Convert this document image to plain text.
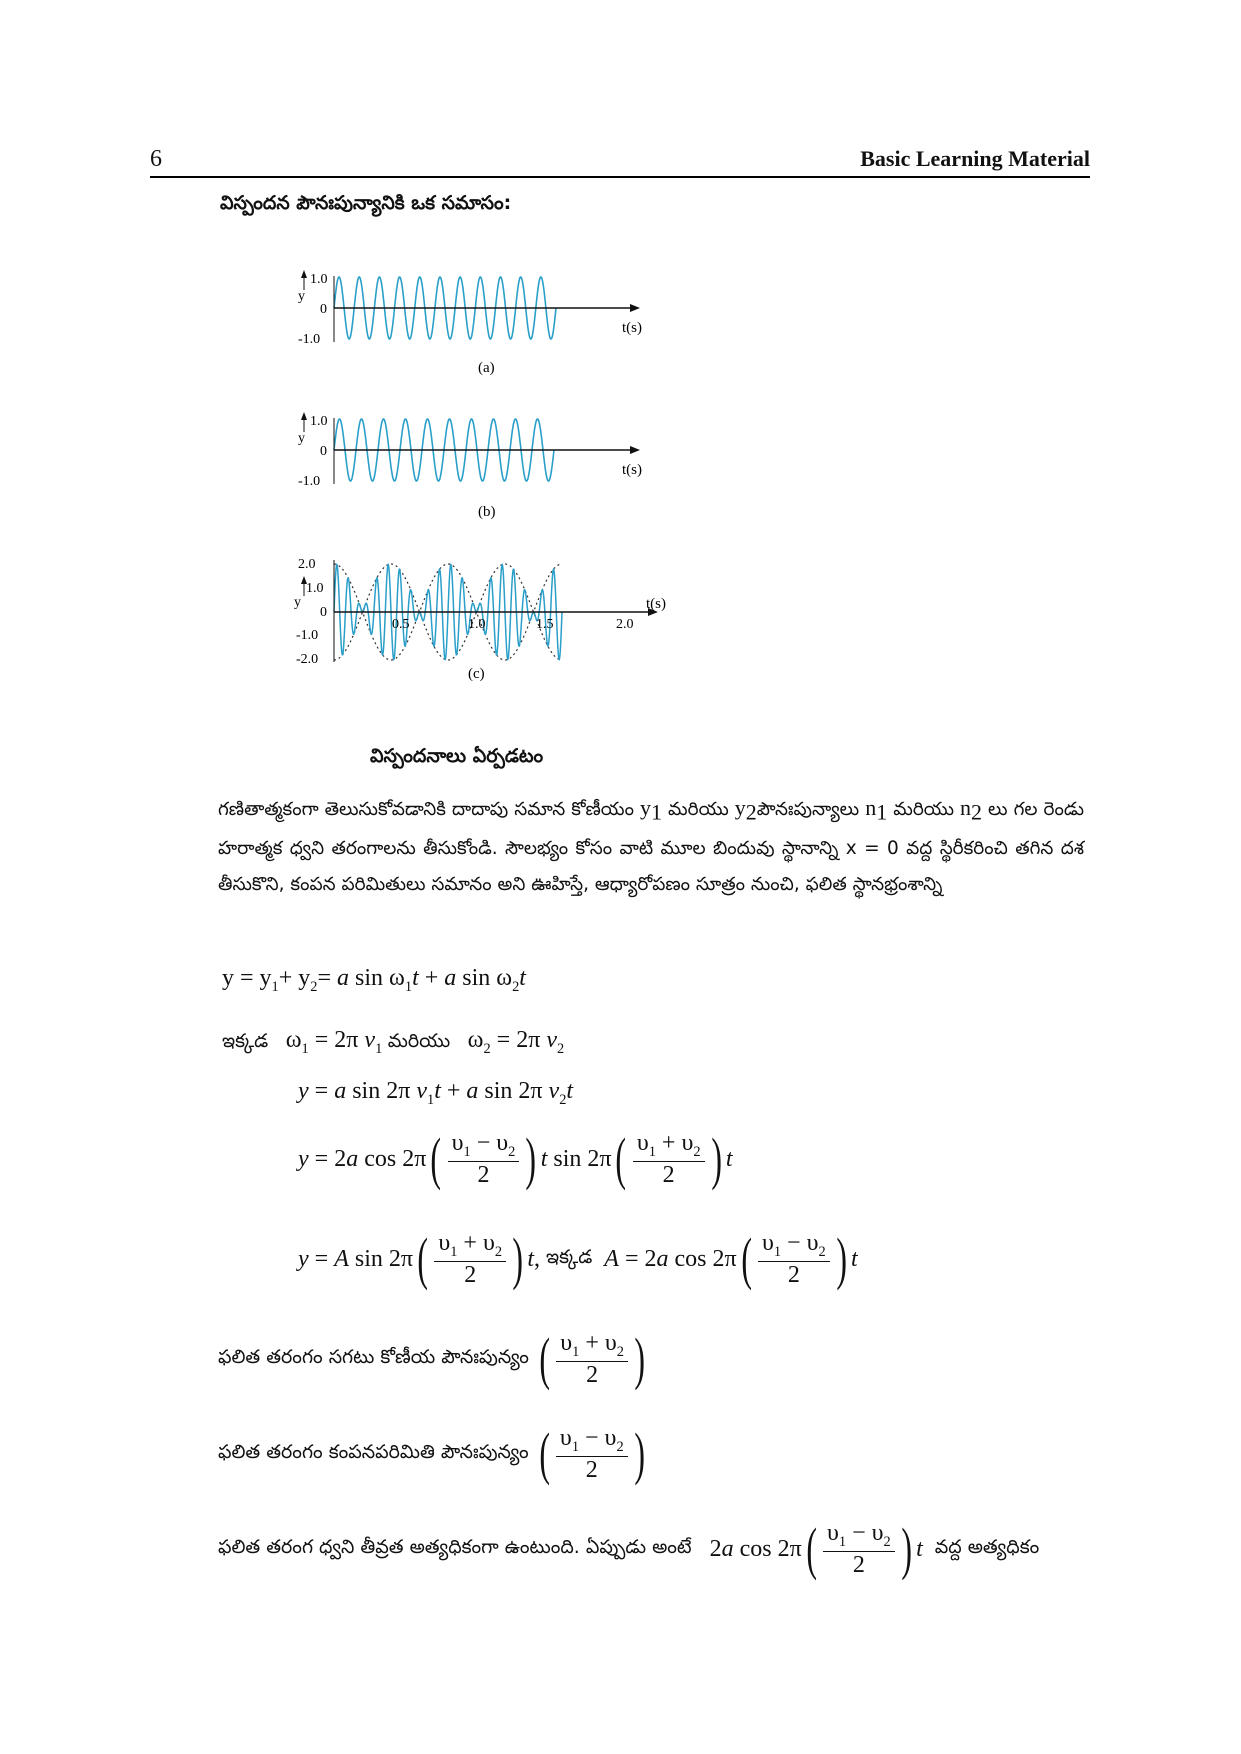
6	Basic Learning Material
విస్పందన పౌనఃపున్యానికి ఒక సమాసం:
1.0
0
y
-1.0
t(s)
(a)
1.0
0
y
-1.0
t(s)
(b)
2.0
1.0
0
y
-1.0
-2.0
0.5	1.0	1.5	2.0
t(s)
(c)
విస్పందనాలు ఏర్పడటం
గణితాత్మకంగా తెలుసుకోవడానికి దాదాపు సమాన కోణీయం $y_1$ మరియు $y_2పౌనఃపున్యాలు$ $n_1$ మరియు $n_2$ లు గల రెండు హరాత్మక ధ్వని తరంగాలను తీసుకోండి. సౌలభ్యం కోసం వాటి మూల బిందువు స్థానాన్ని x = 0 వద్ద స్థిరీకరించి తగిన దశ తీసుకొని, కంపన పరిమితులు సమానం అని ఊహిస్తే, ఆధ్యారోపణం సూత్రం నుంచి, ఫలిత స్థానభ్రంశాన్ని
$y = y_1+ y_2= a$ $\sin \omega_1t + a$ $\sin \omega_2t$
ఇక్కడ   $\omega_1 = 2\pi$ $v_1$ మరియు   $\omega_2 = 2\pi$ $v_2$
y = a sin 2π $v_1t + a$ sin 2π $v_2t$
y = 2a $\cos 2\pi( \frac{\upsilon_1 - \upsilon_2}{2}$ ) t $\sin 2\pi( \frac{\upsilon_1 + \upsilon_2}{2}$ ) t
y = A $\sin 2\pi( \frac{\upsilon_1 + \upsilon_2}{2}$ ) t, ఇక్కడ A = 2a $\cos 2\pi( \frac{\upsilon_1 - \upsilon_2}{2}$ ) t
ఫలిత తరంగం సగటు కోణీయ పౌనఃపున్యం ( $\frac{\upsilon_1 + \upsilon_2}{2}$ )
ఫలిత తరంగం కంపనపరిమితి పౌనఃపున్యం ( $\frac{\upsilon_1 - \upsilon_2}{2}$ )
ఫలిత తరంగ ధ్వని తీవ్రత అత్యధికంగా ఉంటుంది. ఏప్పుడు అంటే   2a $\cos 2\pi( \frac{\upsilon_1 - \upsilon_2}{2}$ ) t వద్ద అత్యధికం
